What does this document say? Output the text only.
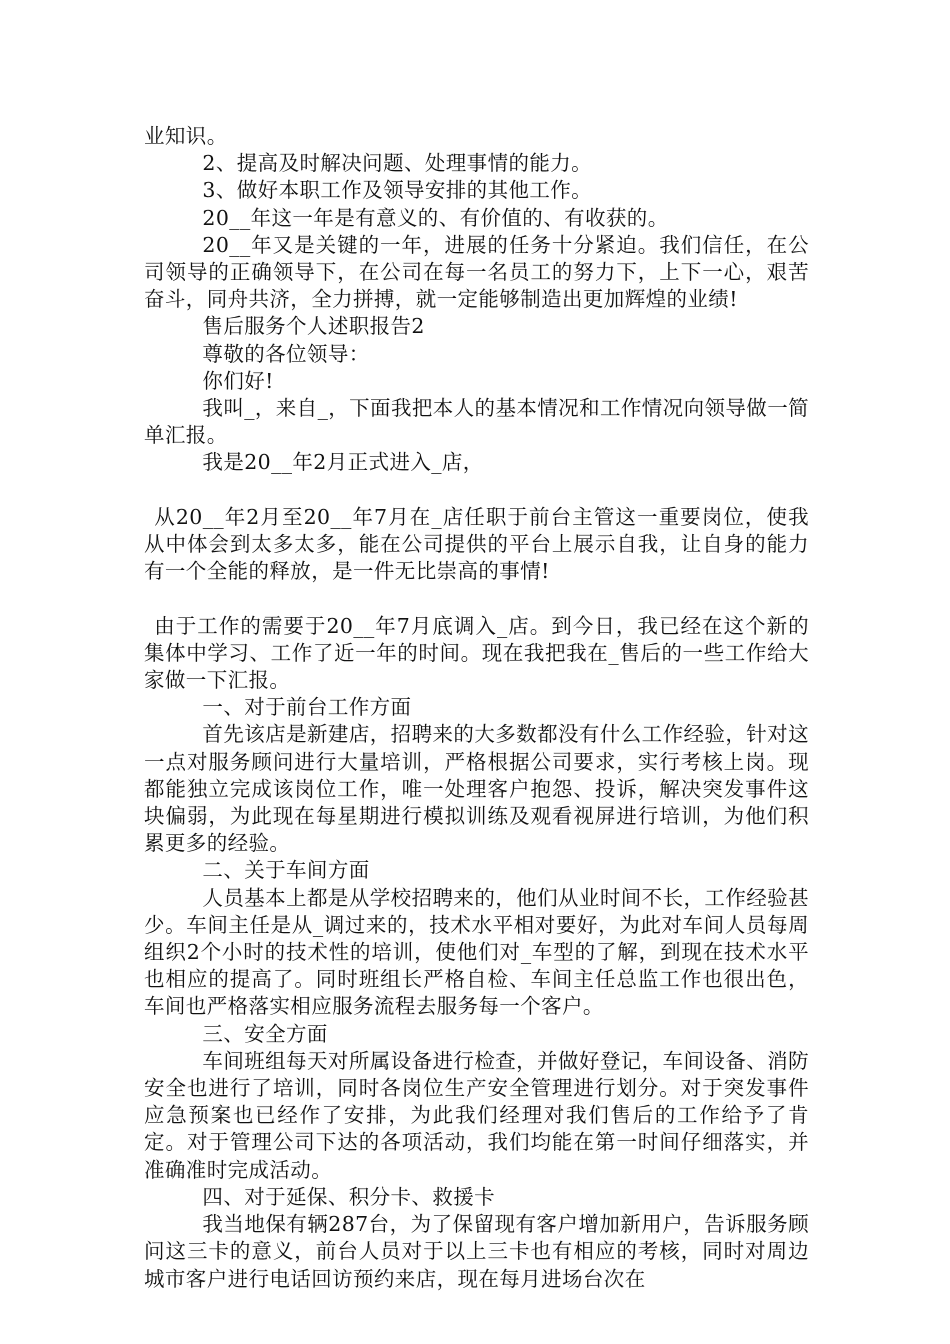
业知识。

2、提高及时解决问题、处理事情的能力。

3、做好本职工作及领导安排的其他工作。

20__年这一年是有意义的、有价值的、有收获的。

20__年又是关键的一年，进展的任务十分紧迫。我们信任，在公司领导的正确领导下，在公司在每一名员工的努力下，上下一心，艰苦奋斗，同舟共济，全力拼搏，就一定能够制造出更加辉煌的业绩!

售后服务个人述职报告2

尊敬的各位领导：

你们好!

我叫_，来自_，下面我把本人的基本情况和工作情况向领导做一简单汇报。

我是20__年2月正式进入_店，

从20__年2月至20__年7月在_店任职于前台主管这一重要岗位，使我从中体会到太多太多，能在公司提供的平台上展示自我，让自身的能力有一个全能的释放，是一件无比崇高的事情!

由于工作的需要于20__年7月底调入_店。到今日，我已经在这个新的集体中学习、工作了近一年的时间。现在我把我在_售后的一些工作给大家做一下汇报。

一、对于前台工作方面

首先该店是新建店，招聘来的大多数都没有什么工作经验，针对这一点对服务顾问进行大量培训，严格根据公司要求，实行考核上岗。现都能独立完成该岗位工作，唯一处理客户抱怨、投诉，解决突发事件这块偏弱，为此现在每星期进行模拟训练及观看视屏进行培训，为他们积累更多的经验。

二、关于车间方面

人员基本上都是从学校招聘来的，他们从业时间不长，工作经验甚少。车间主任是从_调过来的，技术水平相对要好，为此对车间人员每周组织2个小时的技术性的培训，使他们对_车型的了解，到现在技术水平也相应的提高了。同时班组长严格自检、车间主任总监工作也很出色，车间也严格落实相应服务流程去服务每一个客户。

三、安全方面

车间班组每天对所属设备进行检查，并做好登记，车间设备、消防安全也进行了培训，同时各岗位生产安全管理进行划分。对于突发事件应急预案也已经作了安排，为此我们经理对我们售后的工作给予了肯定。对于管理公司下达的各项活动，我们均能在第一时间仔细落实，并准确准时完成活动。

四、对于延保、积分卡、救援卡

我当地保有辆287台，为了保留现有客户增加新用户，告诉服务顾问这三卡的意义，前台人员对于以上三卡也有相应的考核，同时对周边城市客户进行电话回访预约来店，现在每月进场台次在
